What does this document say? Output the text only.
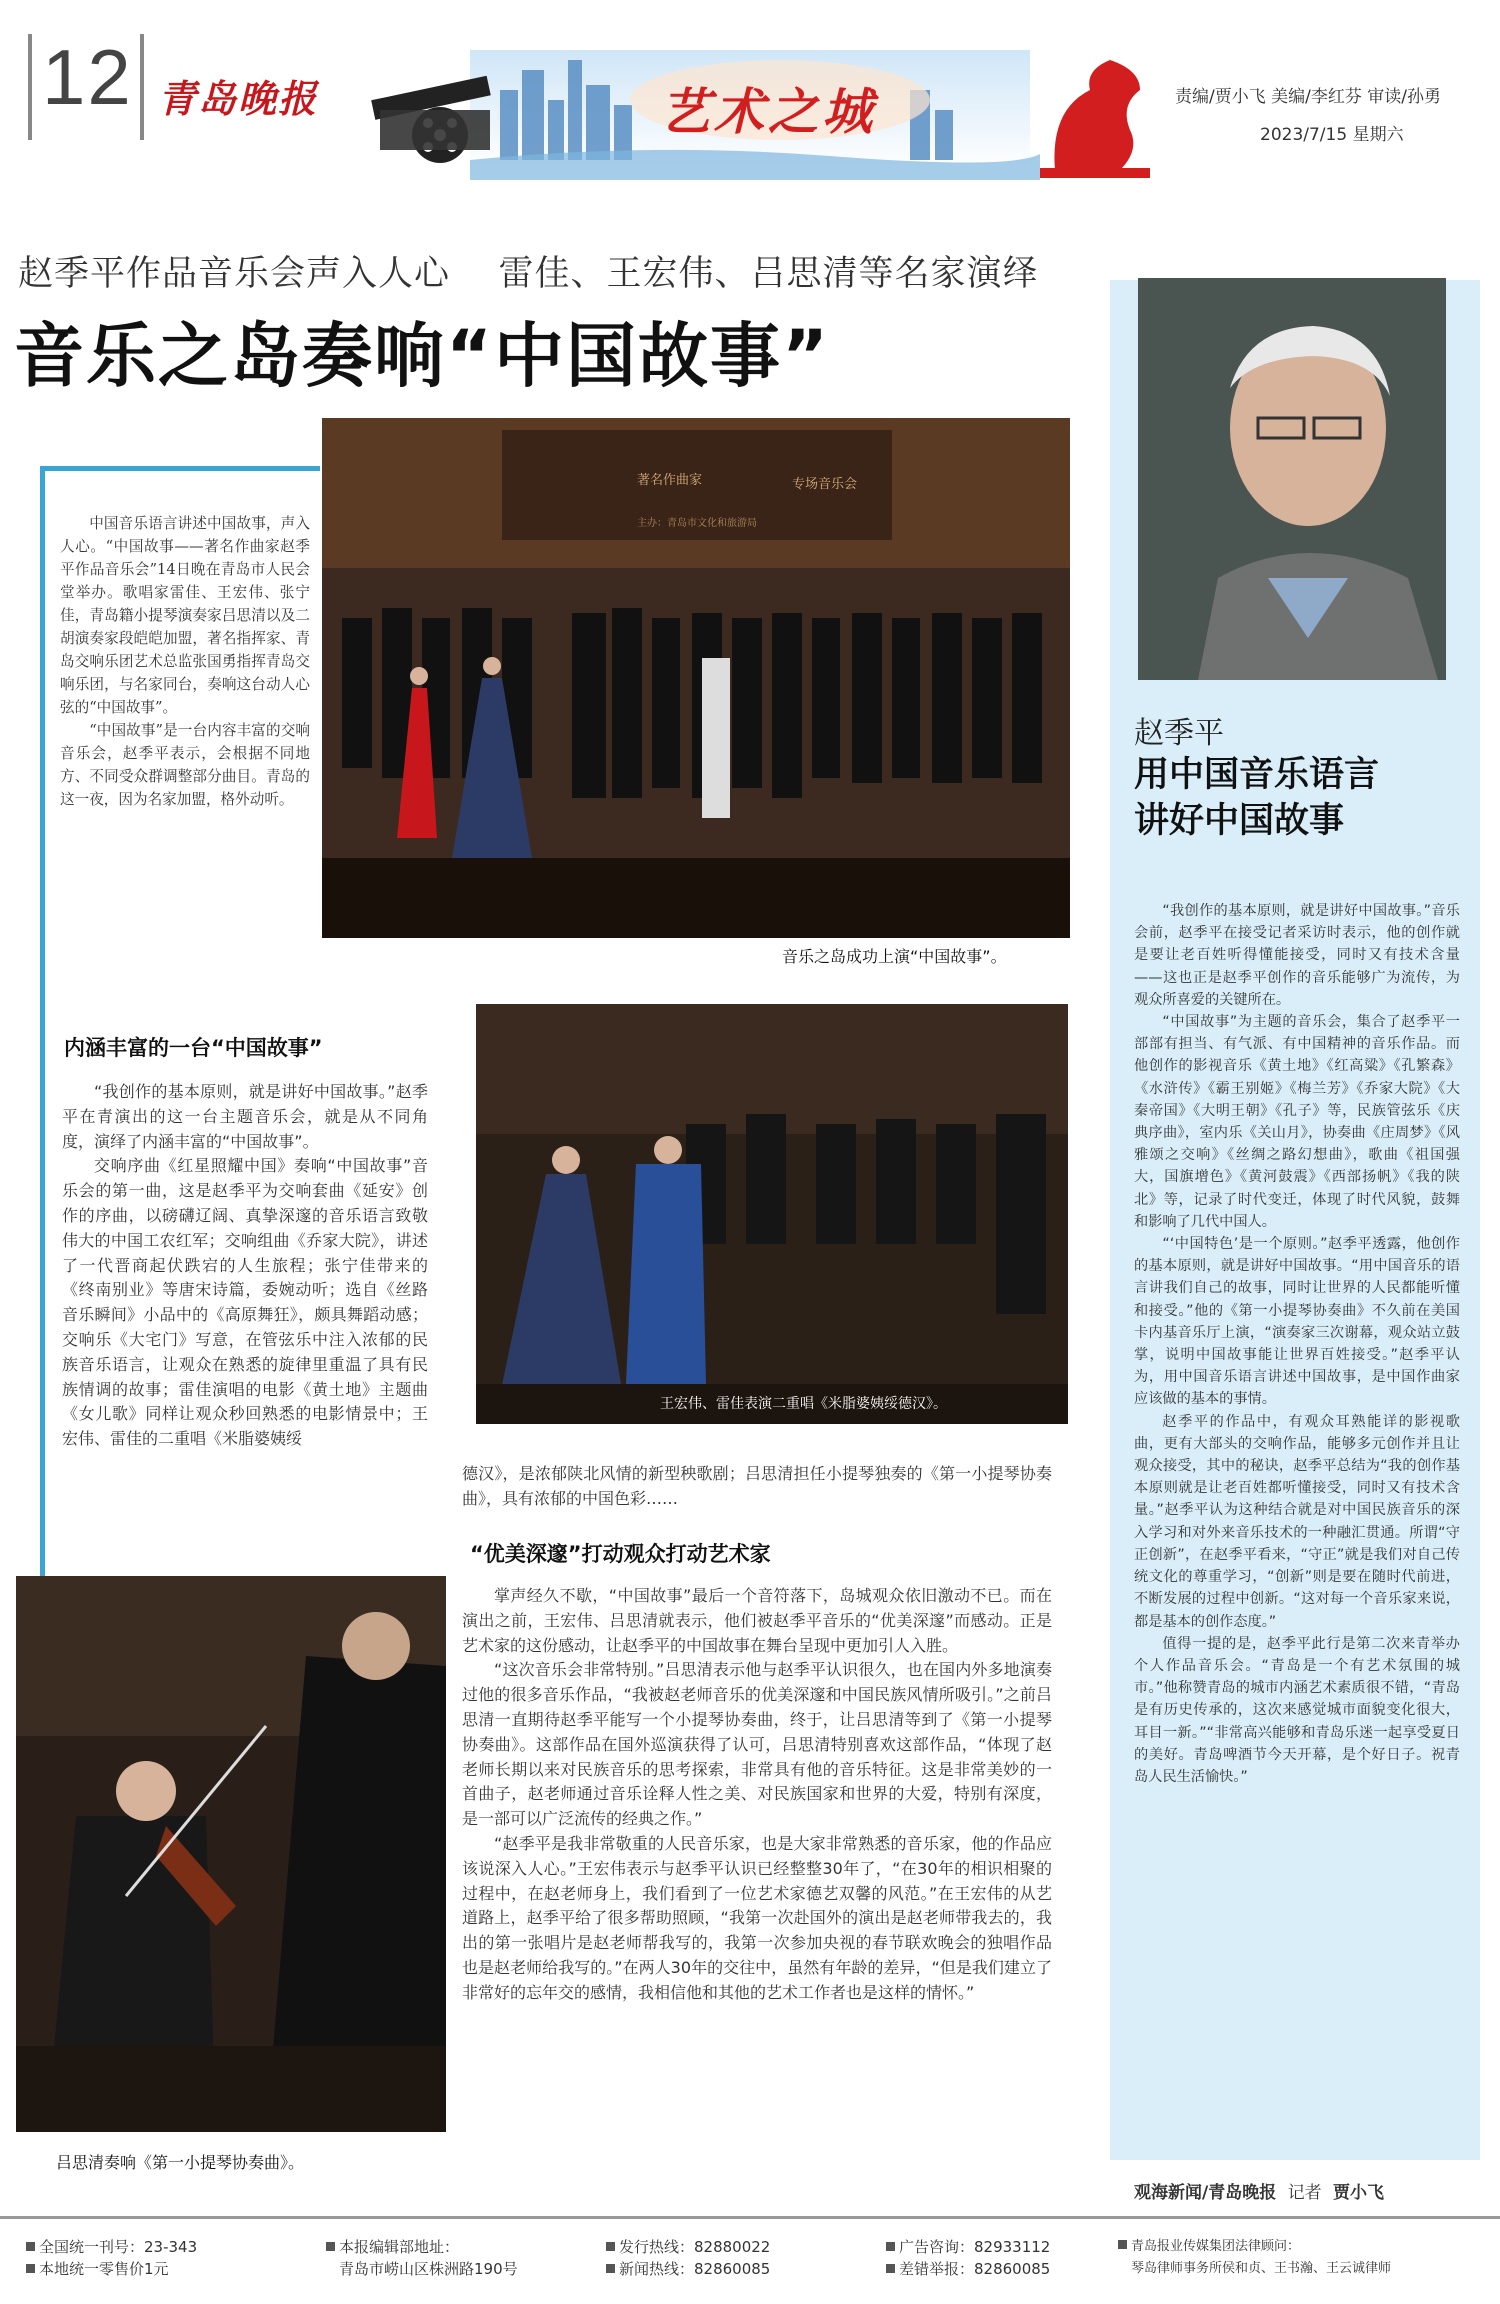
12 青岛晚报	艺术之城	责编/贾小飞 美编/李红芬 审读/孙勇
2023/7/15 星期六
赵季平作品音乐会声入人心    雷佳、王宏伟、吕思清等名家演绎
音乐之岛奏响“中国故事”
赵季平
用中国音乐语言
讲好中国故事

“我创作的基本原则，就是讲好中国故事。”音乐会前，赵季平在接受记者采访时表示，他的创作就是要让老百姓听得懂能接受，同时又有技术含量——这也正是赵季平创作的音乐能够广为流传，为观众所喜爱的关键所在。

“中国故事”为主题的音乐会，集合了赵季平一部部有担当、有气派、有中国精神的音乐作品。而他创作的影视音乐《黄土地》《红高粱》《孔繁森》《水浒传》《霸王别姬》《梅兰芳》《乔家大院》《大秦帝国》《大明王朝》《孔子》等，民族管弦乐《庆典序曲》，室内乐《关山月》，协奏曲《庄周梦》《风雅颂之交响》《丝绸之路幻想曲》，歌曲《祖国强大，国旗增色》《黄河鼓震》《西部扬帆》《我的陕北》等，记录了时代变迁，体现了时代风貌，鼓舞和影响了几代中国人。

“‘中国特色’是一个原则。”赵季平透露，他创作的基本原则，就是讲好中国故事。“用中国音乐的语言讲我们自己的故事，同时让世界的人民都能听懂和接受。”他的《第一小提琴协奏曲》不久前在美国卡内基音乐厅上演，“演奏家三次谢幕，观众站立鼓掌，说明中国故事能让世界百姓接受。”赵季平认为，用中国音乐语言讲述中国故事，是中国作曲家应该做的基本的事情。

赵季平的作品中，有观众耳熟能详的影视歌曲，更有大部头的交响作品，能够多元创作并且让观众接受，其中的秘诀，赵季平总结为“我的创作基本原则就是让老百姓都听懂接受，同时又有技术含量。”赵季平认为这种结合就是对中国民族音乐的深入学习和对外来音乐技术的一种融汇贯通。所谓“守正创新”，在赵季平看来，“守正”就是我们对自己传统文化的尊重学习，“创新”则是要在随时代前进，不断发展的过程中创新。“这对每一个音乐家来说，都是基本的创作态度。”

值得一提的是，赵季平此行是第二次来青举办个人作品音乐会。“青岛是一个有艺术氛围的城市。”他称赞青岛的城市内涵艺术素质很不错，“青岛是有历史传承的，这次来感觉城市面貌变化很大，耳目一新。”“非常高兴能够和青岛乐迷一起享受夏日的美好。青岛啤酒节今天开幕，是个好日子。祝青岛人民生活愉快。”

观海新闻/青岛晚报 记者 贾小飞

中国音乐语言讲述中国故事，声入人心。“中国故事——著名作曲家赵季平作品音乐会”14日晚在青岛市人民会堂举办。歌唱家雷佳、王宏伟、张宁佳，青岛籍小提琴演奏家吕思清以及二胡演奏家段皑皑加盟，著名指挥家、青岛交响乐团艺术总监张国勇指挥青岛交响乐团，与名家同台，奏响这台动人心弦的“中国故事”。

“中国故事”是一台内容丰富的交响音乐会，赵季平表示，会根据不同地方、不同受众群调整部分曲目。青岛的这一夜，因为名家加盟，格外动听。

著名作曲家	专场音乐会
主办：青岛市文化和旅游局
音乐之岛成功上演“中国故事”。
内涵丰富的一台“中国故事”

“我创作的基本原则，就是讲好中国故事。”赵季平在青演出的这一台主题音乐会，就是从不同角度，演绎了内涵丰富的“中国故事”。

交响序曲《红星照耀中国》奏响“中国故事”音乐会的第一曲，这是赵季平为交响套曲《延安》创作的序曲，以磅礴辽阔、真挚深邃的音乐语言致敬伟大的中国工农红军；交响组曲《乔家大院》，讲述了一代晋商起伏跌宕的人生旅程；张宁佳带来的《终南别业》等唐宋诗篇，委婉动听；选自《丝路音乐瞬间》小品中的《高原舞狂》，颇具舞蹈动感；交响乐《大宅门》写意，在管弦乐中注入浓郁的民族音乐语言，让观众在熟悉的旋律里重温了具有民族情调的故事；雷佳演唱的电影《黄土地》主题曲《女儿歌》同样让观众秒回熟悉的电影情景中；王宏伟、雷佳的二重唱《米脂婆姨绥

王宏伟、雷佳表演二重唱《米脂婆姨绥德汉》。

德汉》，是浓郁陕北风情的新型秧歌剧；吕思清担任小提琴独奏的《第一小提琴协奏曲》，具有浓郁的中国色彩……

“优美深邃”打动观众打动艺术家

掌声经久不歇，“中国故事”最后一个音符落下，岛城观众依旧激动不已。而在演出之前，王宏伟、吕思清就表示，他们被赵季平音乐的“优美深邃”而感动。正是艺术家的这份感动，让赵季平的中国故事在舞台呈现中更加引人入胜。

“这次音乐会非常特别。”吕思清表示他与赵季平认识很久，也在国内外多地演奏过他的很多音乐作品，“我被赵老师音乐的优美深邃和中国民族风情所吸引。”之前吕思清一直期待赵季平能写一个小提琴协奏曲，终于，让吕思清等到了《第一小提琴协奏曲》。这部作品在国外巡演获得了认可，吕思清特别喜欢这部作品，“体现了赵老师长期以来对民族音乐的思考探索，非常具有他的音乐特征。这是非常美妙的一首曲子，赵老师通过音乐诠释人性之美、对民族国家和世界的大爱，特别有深度，是一部可以广泛流传的经典之作。”

“赵季平是我非常敬重的人民音乐家，也是大家非常熟悉的音乐家，他的作品应该说深入人心。”王宏伟表示与赵季平认识已经整整30年了，“在30年的相识相聚的过程中，在赵老师身上，我们看到了一位艺术家德艺双馨的风范。”在王宏伟的从艺道路上，赵季平给了很多帮助照顾，“我第一次赴国外的演出是赵老师带我去的，我出的第一张唱片是赵老师帮我写的，我第一次参加央视的春节联欢晚会的独唱作品也是赵老师给我写的。”在两人30年的交往中，虽然有年龄的差异，“但是我们建立了非常好的忘年交的感情，我相信他和其他的艺术工作者也是这样的情怀。”

吕思清奏响《第一小提琴协奏曲》。
全国统一刊号：23-343
本地统一零售价1元
本报编辑部地址：
青岛市崂山区株洲路190号
发行热线：82880022
新闻热线：82860085
广告咨询：82933112
差错举报：82860085
青岛报业传媒集团法律顾问：
琴岛律师事务所侯和贞、王书瀚、王云诚律师
